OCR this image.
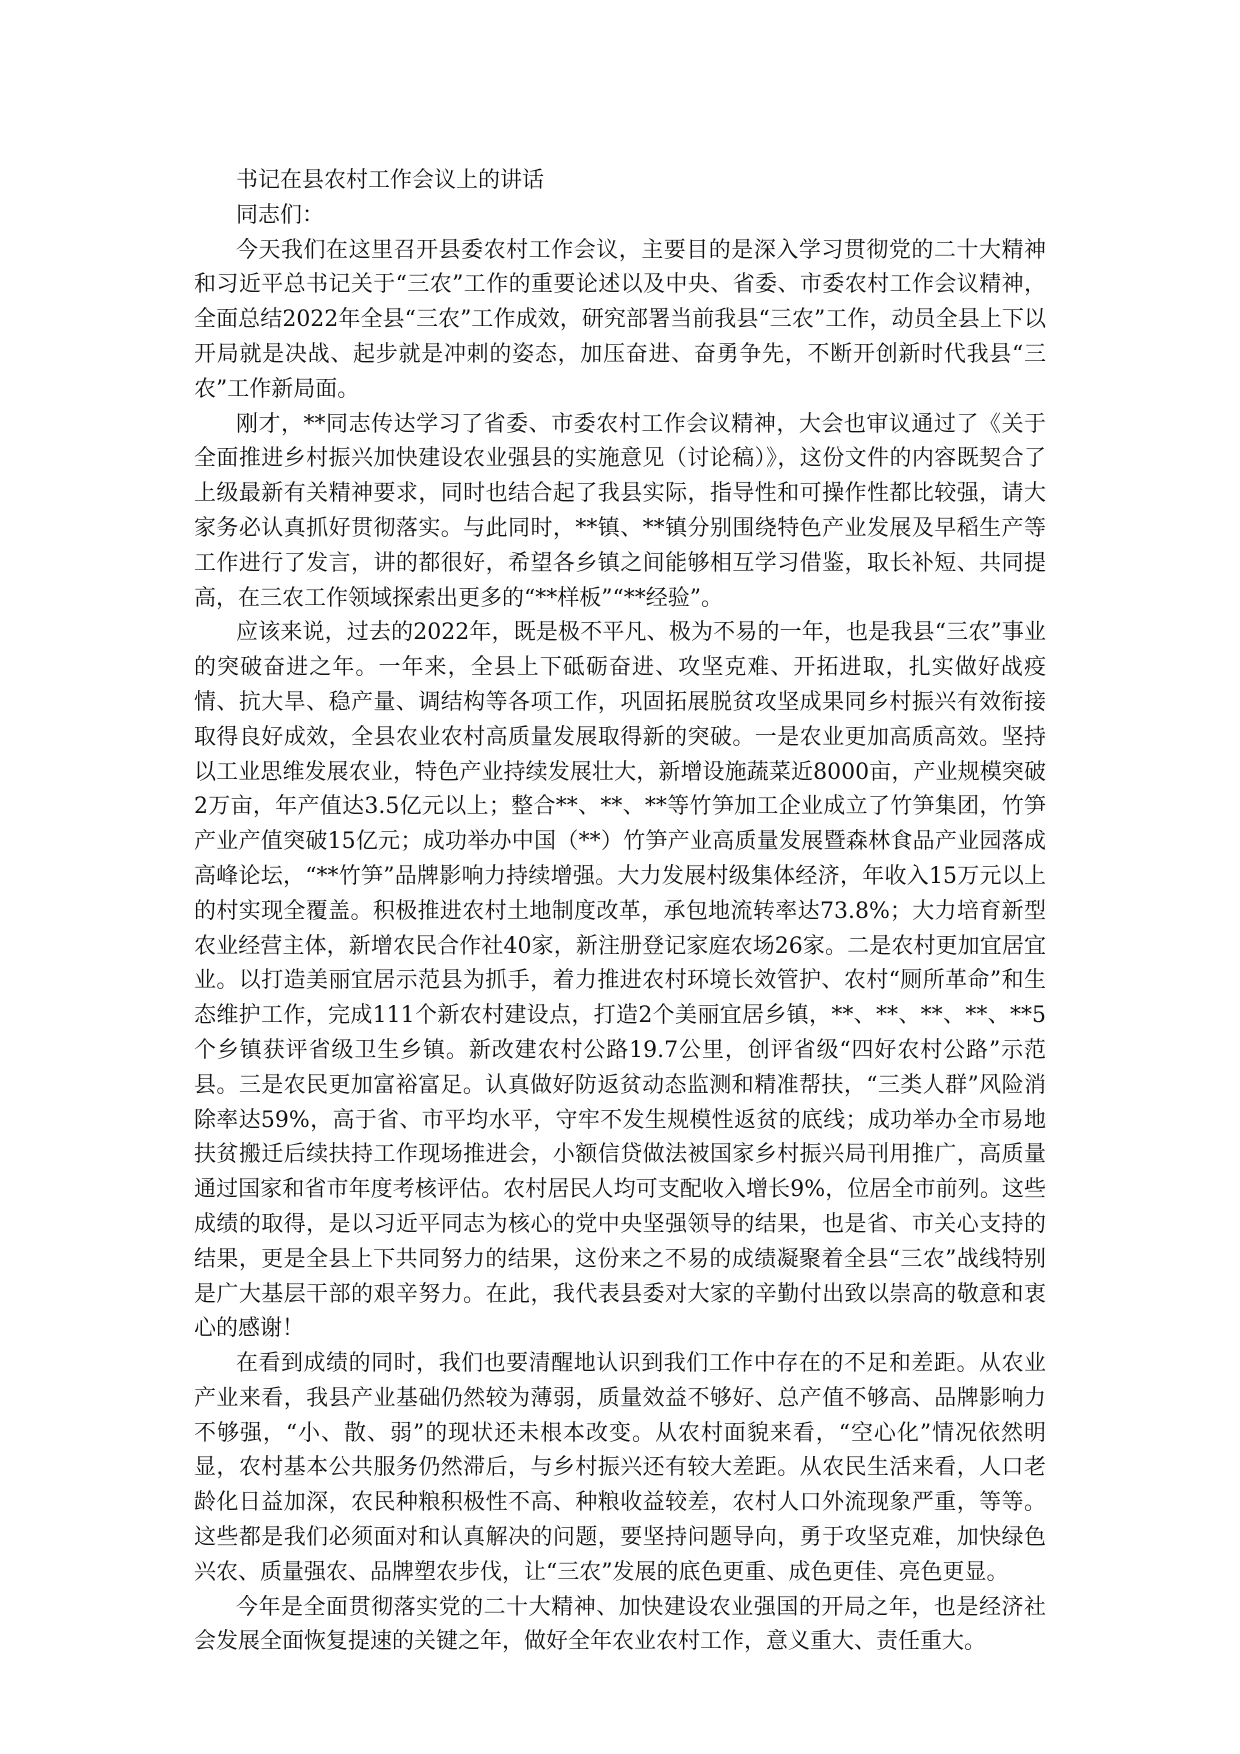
书记在县农村工作会议上的讲话

同志们：

今天我们在这里召开县委农村工作会议，主要目的是深入学习贯彻党的二十大精神和习近平总书记关于“三农”工作的重要论述以及中央、省委、市委农村工作会议精神，全面总结2022年全县“三农”工作成效，研究部署当前我县“三农”工作，动员全县上下以开局就是决战、起步就是冲刺的姿态，加压奋进、奋勇争先，不断开创新时代我县“三农”工作新局面。

刚才，**同志传达学习了省委、市委农村工作会议精神，大会也审议通过了《关于全面推进乡村振兴加快建设农业强县的实施意见（讨论稿）》，这份文件的内容既契合了上级最新有关精神要求，同时也结合起了我县实际，指导性和可操作性都比较强，请大家务必认真抓好贯彻落实。与此同时，**镇、**镇分别围绕特色产业发展及早稻生产等工作进行了发言，讲的都很好，希望各乡镇之间能够相互学习借鉴，取长补短、共同提高，在三农工作领域探索出更多的“**样板”“**经验”。

应该来说，过去的2022年，既是极不平凡、极为不易的一年，也是我县“三农”事业的突破奋进之年。一年来，全县上下砥砺奋进、攻坚克难、开拓进取，扎实做好战疫情、抗大旱、稳产量、调结构等各项工作，巩固拓展脱贫攻坚成果同乡村振兴有效衔接取得良好成效，全县农业农村高质量发展取得新的突破。一是农业更加高质高效。坚持以工业思维发展农业，特色产业持续发展壮大，新增设施蔬菜近8000亩，产业规模突破2万亩，年产值达3.5亿元以上；整合**、**、**等竹笋加工企业成立了竹笋集团，竹笋产业产值突破15亿元；成功举办中国（**）竹笋产业高质量发展暨森林食品产业园落成高峰论坛，“**竹笋”品牌影响力持续增强。大力发展村级集体经济，年收入15万元以上的村实现全覆盖。积极推进农村土地制度改革，承包地流转率达73.8%；大力培育新型农业经营主体，新增农民合作社40家，新注册登记家庭农场26家。二是农村更加宜居宜业。以打造美丽宜居示范县为抓手，着力推进农村环境长效管护、农村“厕所革命”和生态维护工作，完成111个新农村建设点，打造2个美丽宜居乡镇，**、**、**、**、**5个乡镇获评省级卫生乡镇。新改建农村公路19.7公里，创评省级“四好农村公路”示范县。三是农民更加富裕富足。认真做好防返贫动态监测和精准帮扶，“三类人群”风险消除率达59%，高于省、市平均水平，守牢不发生规模性返贫的底线；成功举办全市易地扶贫搬迁后续扶持工作现场推进会，小额信贷做法被国家乡村振兴局刊用推广，高质量通过国家和省市年度考核评估。农村居民人均可支配收入增长9%，位居全市前列。这些成绩的取得，是以习近平同志为核心的党中央坚强领导的结果，也是省、市关心支持的结果，更是全县上下共同努力的结果，这份来之不易的成绩凝聚着全县“三农”战线特别是广大基层干部的艰辛努力。在此，我代表县委对大家的辛勤付出致以崇高的敬意和衷心的感谢！

在看到成绩的同时，我们也要清醒地认识到我们工作中存在的不足和差距。从农业产业来看，我县产业基础仍然较为薄弱，质量效益不够好、总产值不够高、品牌影响力不够强，“小、散、弱”的现状还未根本改变。从农村面貌来看，“空心化”情况依然明显，农村基本公共服务仍然滞后，与乡村振兴还有较大差距。从农民生活来看，人口老龄化日益加深，农民种粮积极性不高、种粮收益较差，农村人口外流现象严重，等等。这些都是我们必须面对和认真解决的问题，要坚持问题导向，勇于攻坚克难，加快绿色兴农、质量强农、品牌塑农步伐，让“三农”发展的底色更重、成色更佳、亮色更显。

今年是全面贯彻落实党的二十大精神、加快建设农业强国的开局之年，也是经济社会发展全面恢复提速的关键之年，做好全年农业农村工作，意义重大、责任重大。
